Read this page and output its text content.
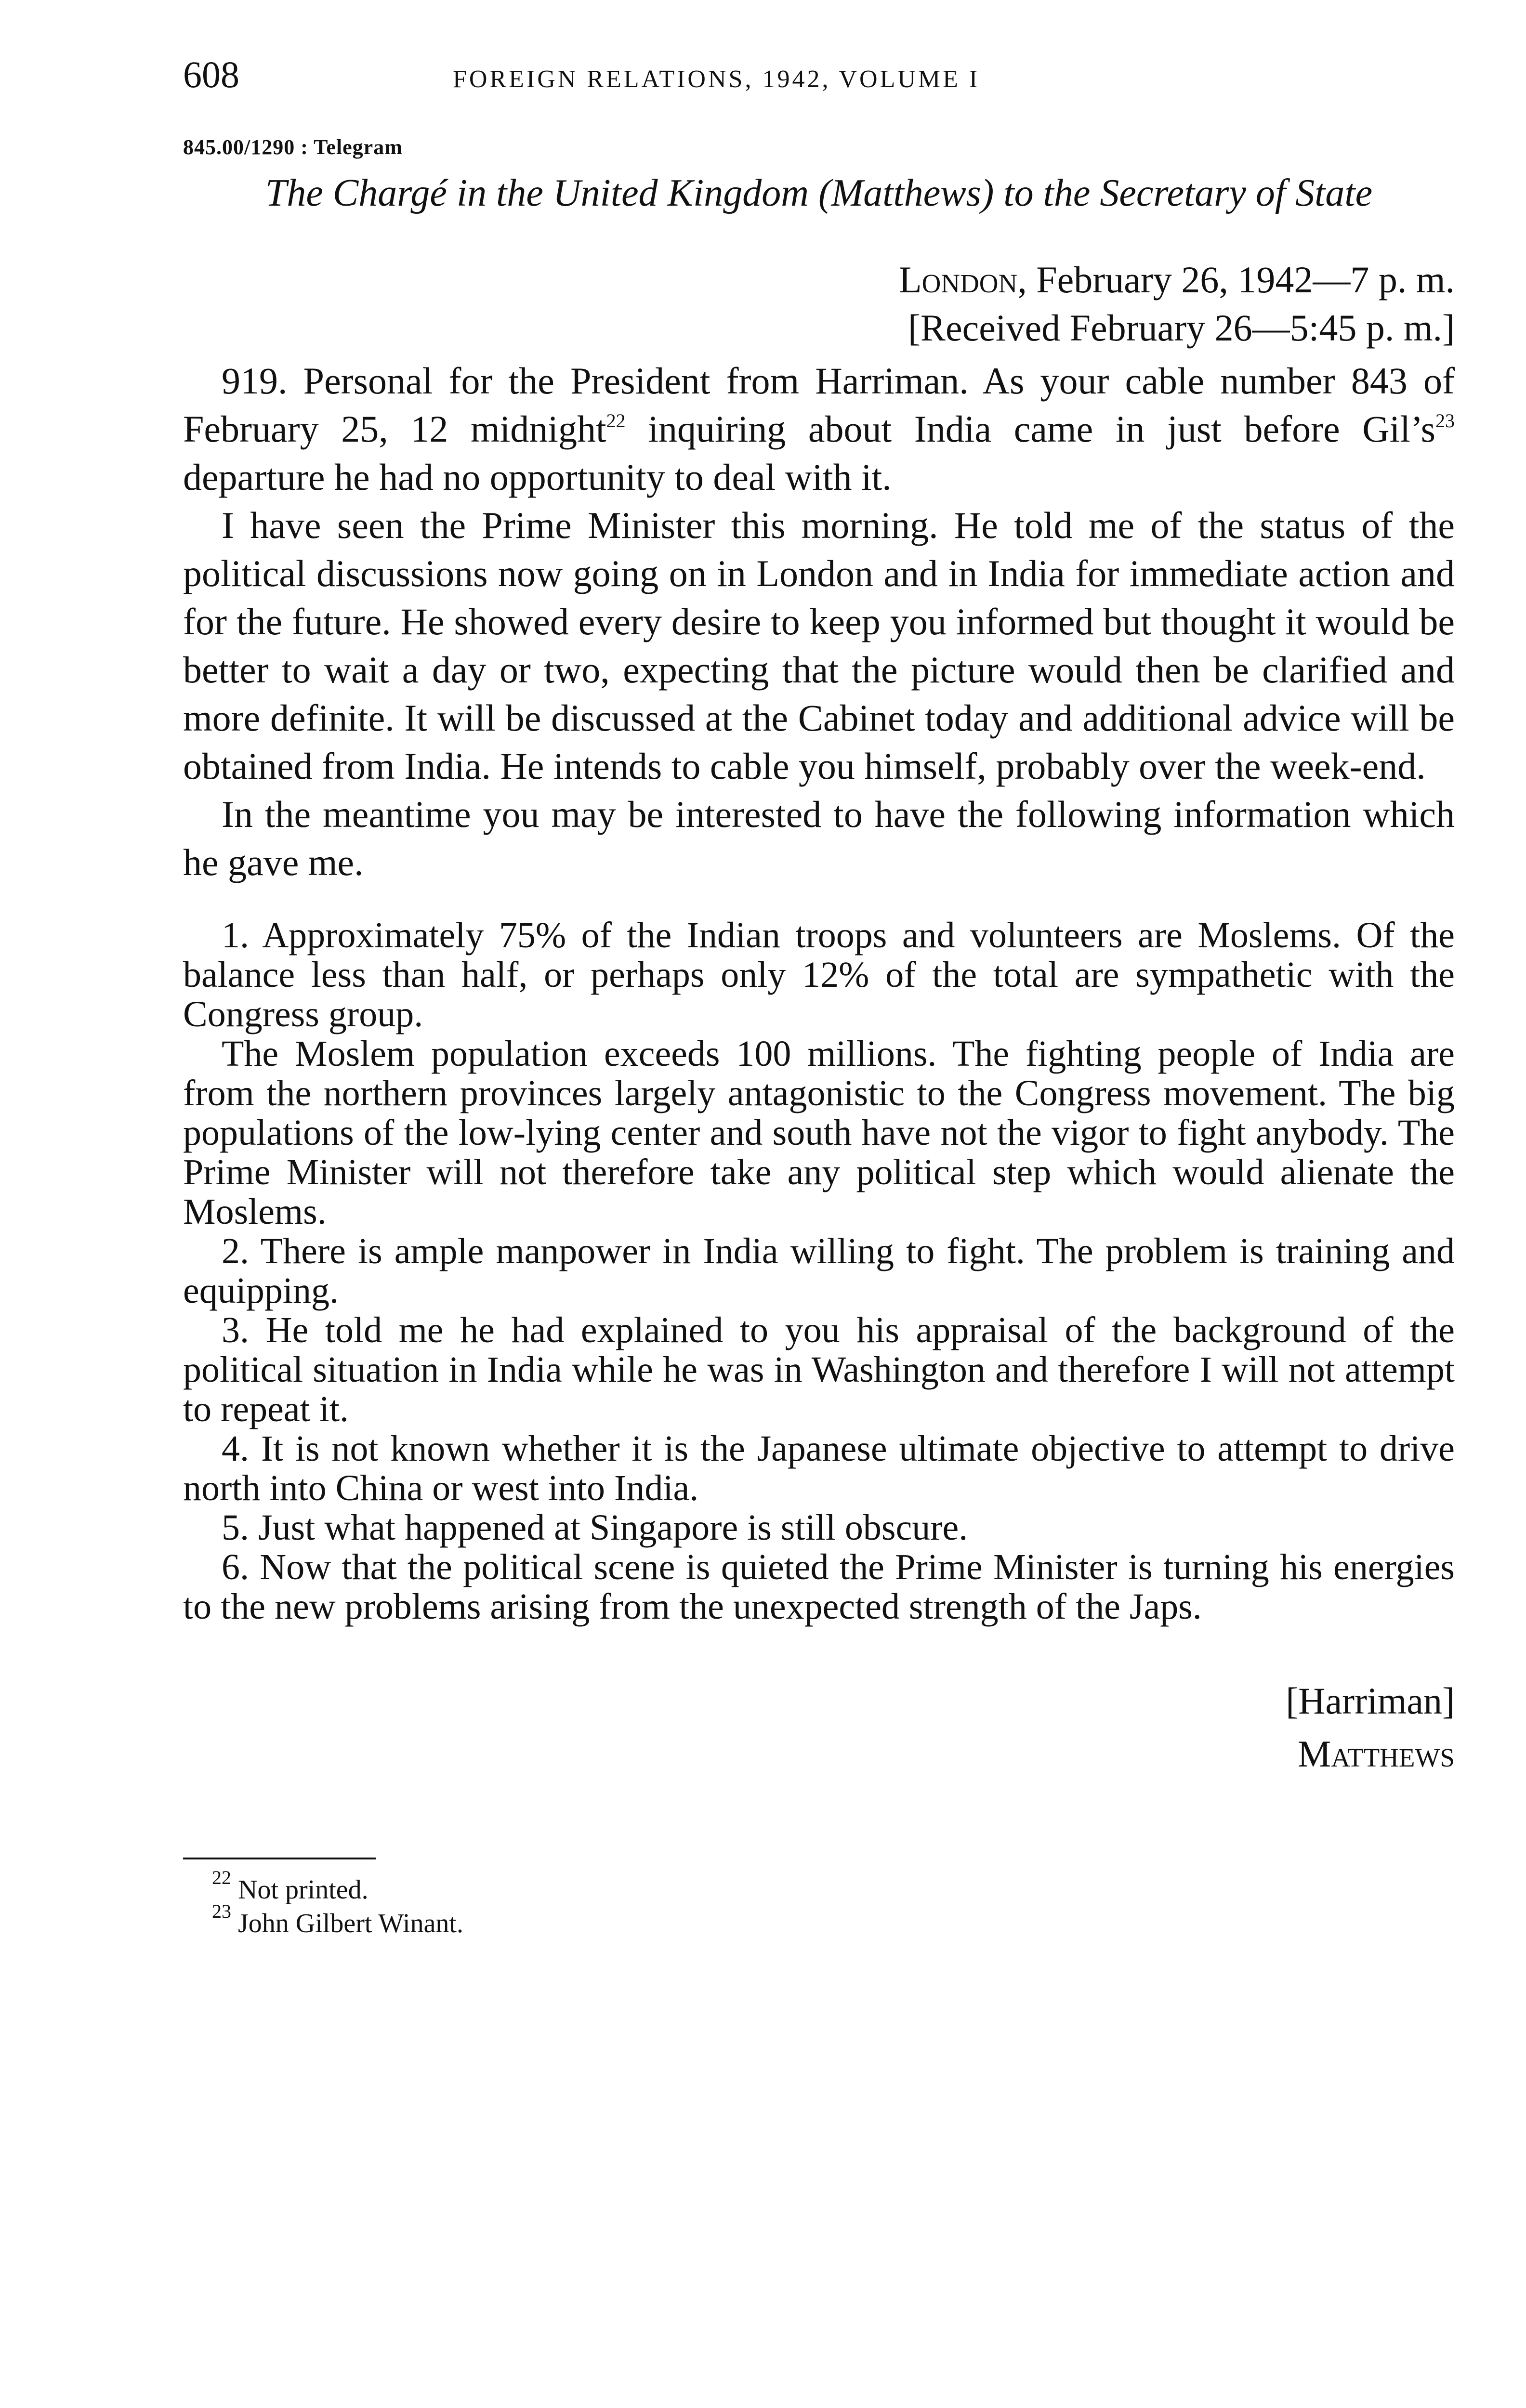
608	FOREIGN RELATIONS, 1942, VOLUME I
845.00/1290 : Telegram
The Chargé in the United Kingdom (Matthews) to the Secretary of State
London, February 26, 1942—7 p. m.
[Received February 26—5:45 p. m.]

919. Personal for the President from Harriman. As your cable number 843 of February 25, 12 midnight$^{22}$ inquiring about India came in just before $Gil’s^{23}$ departure he had no opportunity to deal with it.

I have seen the Prime Minister this morning. He told me of the status of the political discussions now going on in London and in India for immediate action and for the future. He showed every desire to keep you informed but thought it would be better to wait a day or two, expecting that the picture would then be clarified and more definite. It will be discussed at the Cabinet today and additional advice will be obtained from India. He intends to cable you himself, probably over the week-end.

In the meantime you may be interested to have the following information which he gave me.

1. Approximately 75% of the Indian troops and volunteers are Moslems. Of the balance less than half, or perhaps only 12% of the total are sympathetic with the Congress group.

The Moslem population exceeds 100 millions. The fighting people of India are from the northern provinces largely antagonistic to the Congress movement. The big populations of the low-lying center and south have not the vigor to fight anybody. The Prime Minister will not therefore take any political step which would alienate the Moslems.

2. There is ample manpower in India willing to fight. The problem is training and equipping.

3. He told me he had explained to you his appraisal of the background of the political situation in India while he was in Washington and therefore I will not attempt to repeat it.

4. It is not known whether it is the Japanese ultimate objective to attempt to drive north into China or west into India.

5. Just what happened at Singapore is still obscure.

6. Now that the political scene is quieted the Prime Minister is turning his energies to the new problems arising from the unexpected strength of the Japs.

[Harriman]
Matthews

$^{22}$ Not printed.

$^{23}$ John Gilbert Winant.
